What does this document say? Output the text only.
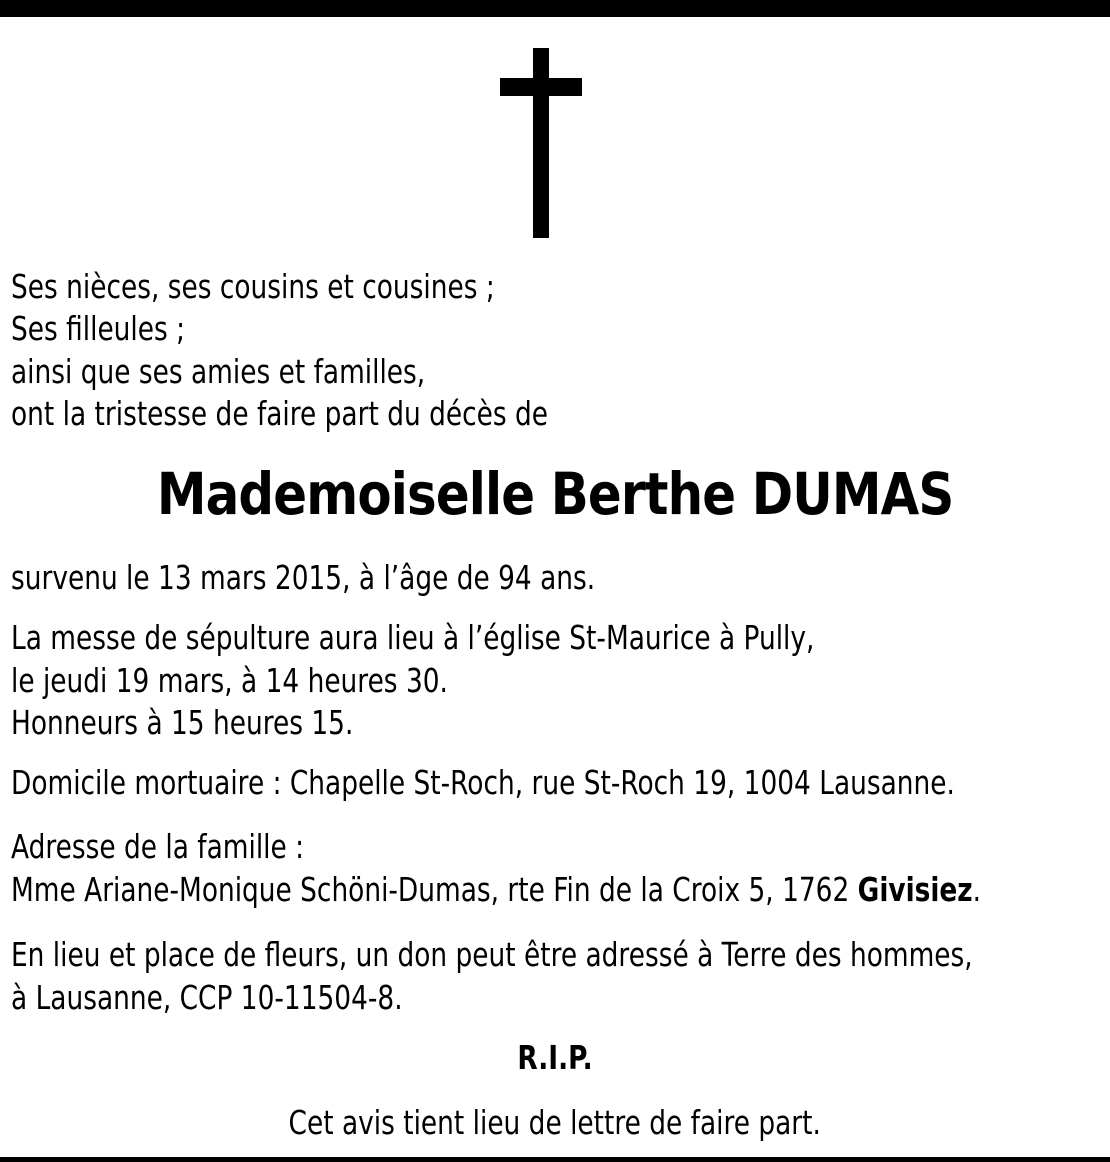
Ses nièces, ses cousins et cousines ;
Ses filleules ;
ainsi que ses amies et familles,
ont la tristesse de faire part du décès de
Mademoiselle Berthe DUMAS
survenu le 13 mars 2015, à l’âge de 94 ans.
La messe de sépulture aura lieu à l’église St-Maurice à Pully,
le jeudi 19 mars, à 14 heures 30.
Honneurs à 15 heures 15.
Domicile mortuaire : Chapelle St-Roch, rue St-Roch 19, 1004 Lausanne.
Adresse de la famille :
Mme Ariane-Monique Schöni-Dumas, rte Fin de la Croix 5, 1762 Givisiez.
En lieu et place de fleurs, un don peut être adressé à Terre des hommes,
à Lausanne, CCP 10-11504-8.
R.I.P.
Cet avis tient lieu de lettre de faire part.
